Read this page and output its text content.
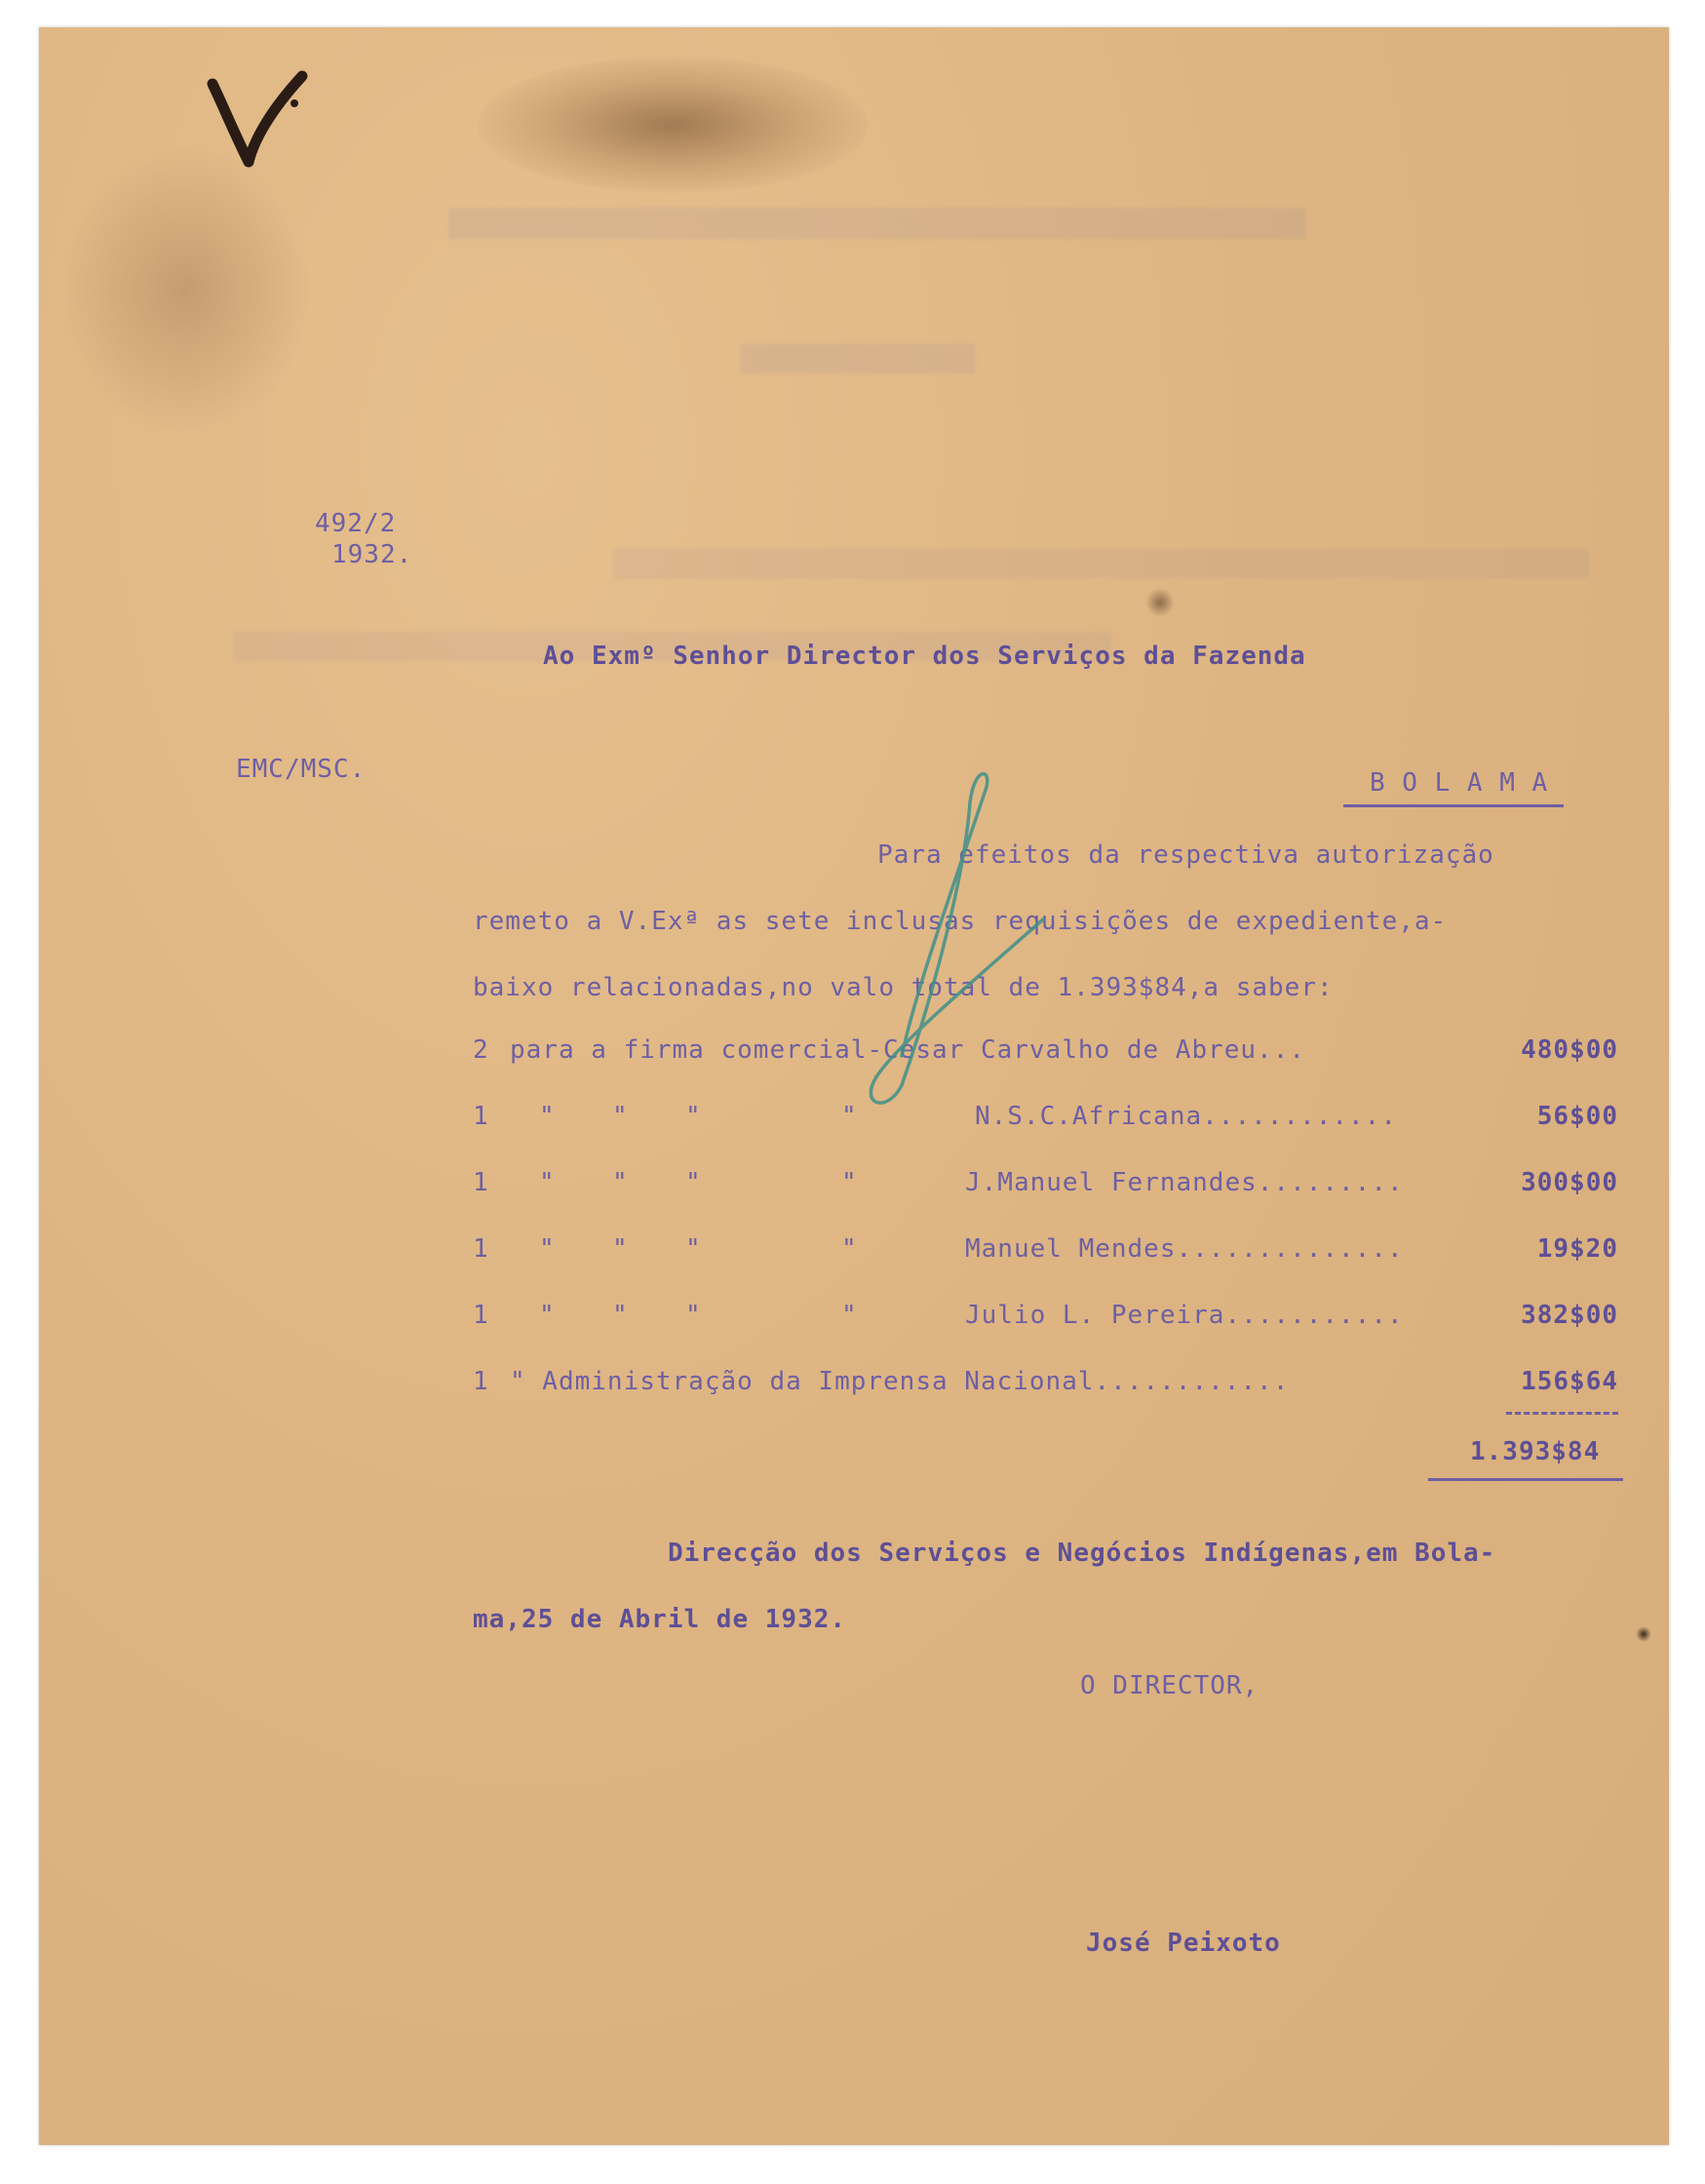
492/2
1932.
Ao Exmº Senhor Director dos Serviços da Fazenda
EMC/MSC.	B O L A M A
Para efeitos da respectiva autorização
remeto a V.Exª as sete inclusas requisições de expediente,a-
baixo relacionadas,no valo total de 1.393$84,a saber:
2 para a firma comercial-Cesar Carvalho de Abreu...	480$00
1 " " "	"	N.S.C.Africana............	56$00
1 " " "	"	J.Manuel Fernandes.........	300$00
1 " " "	"	Manuel Mendes..............	19$20
1 " " "	"	Julio L. Pereira...........	382$00
1 " Administração da Imprensa Nacional............	156$64
1.393$84
Direcção dos Serviços e Negócios Indígenas,em Bola-
ma,25 de Abril de 1932.
O DIRECTOR,
José Peixoto
